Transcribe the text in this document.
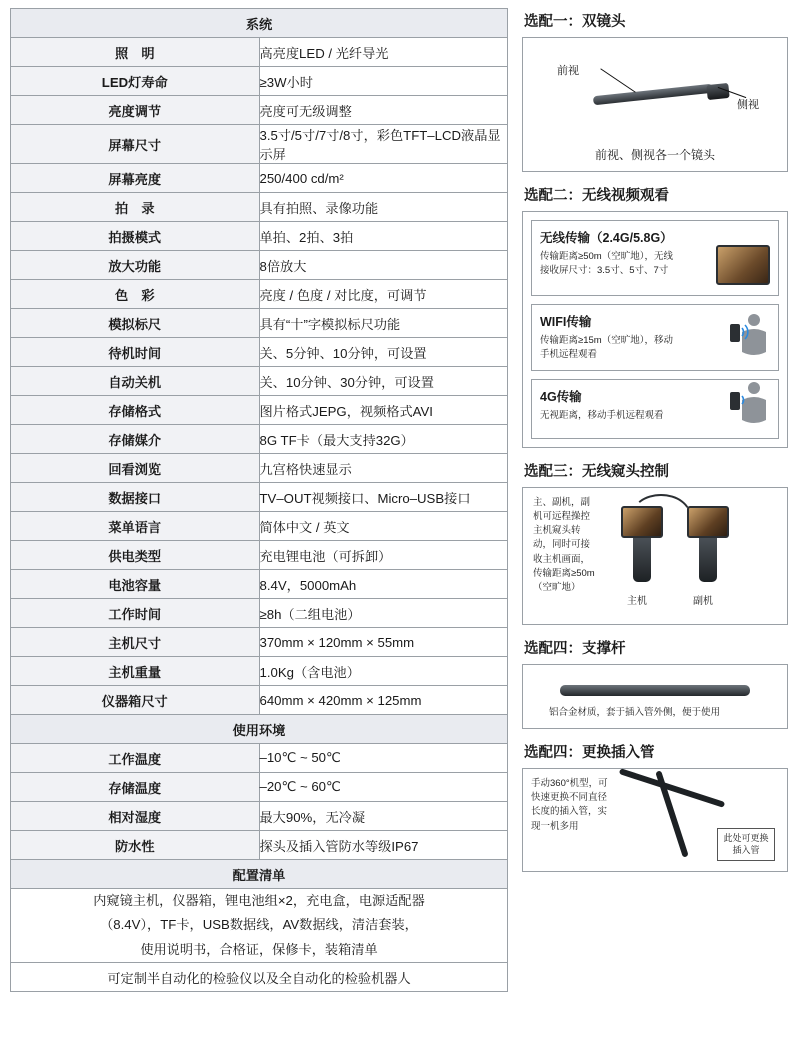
系统	
照　明	高亮度LED / 光纤导光
LED灯寿命	≥3W小时
亮度调节	亮度可无级调整
屏幕尺寸	3.5寸/5寸/7寸/8寸，彩色TFT–LCD液晶显示屏
屏幕亮度	250/400 cd/m²
拍　录	具有拍照、录像功能
拍摄模式	单拍、2拍、3拍
放大功能	8倍放大
色　彩	亮度 / 色度 / 对比度，可调节
模拟标尺	具有“十”字模拟标尺功能
待机时间	关、5分钟、10分钟，可设置
自动关机	关、10分钟、30分钟，可设置
存储格式	图片格式JEPG，视频格式AVI
存储媒介	8G TF卡（最大支持32G）
回看浏览	九宫格快速显示
数据接口	TV–OUT视频接口、Micro–USB接口
菜单语言	简体中文 / 英文
供电类型	充电锂电池（可拆卸）
电池容量	8.4V，5000mAh
工作时间	≥8h（二组电池）
主机尺寸	370mm × 120mm × 55mm
主机重量	1.0Kg（含电池）
仪器箱尺寸	640mm × 420mm × 125mm
使用环境	
工作温度	–10℃ ~ 50℃
存储温度	–20℃ ~ 60℃
相对湿度	最大90%，无冷凝
防水性	探头及插入管防水等级IP67
配置清单	

内窥镜主机，仪器箱，锂电池组×2，充电盒，电源适配器
（8.4V），TF卡，USB数据线，AV数据线，清洁套装，
使用说明书，合格证，保修卡，装箱清单	

可定制半自动化的检验仪以及全自动化的检验机器人	
选配一：双镜头
前视
侧视
前视、侧视各一个镜头
选配二：无线视频观看
无线传输（2.4G/5.8G）
传输距离≥50m（空旷地），无线接收屏尺寸：3.5寸、5寸、7寸
WIFI传输
传输距离≥15m（空旷地），移动手机远程观看
4G传输
无视距离，移动手机远程观看
选配三：无线窥头控制
主、副机，副机可远程操控主机窥头转动，同时可接收主机画面，传输距离≥50m（空旷地）
主机	副机
选配四：支撑杆
铝合金材质，套于插入管外侧，便于使用
选配四：更换插入管
手动360°机型，可快速更换不同直径长度的插入管，实现一机多用
此处可更换插入管
